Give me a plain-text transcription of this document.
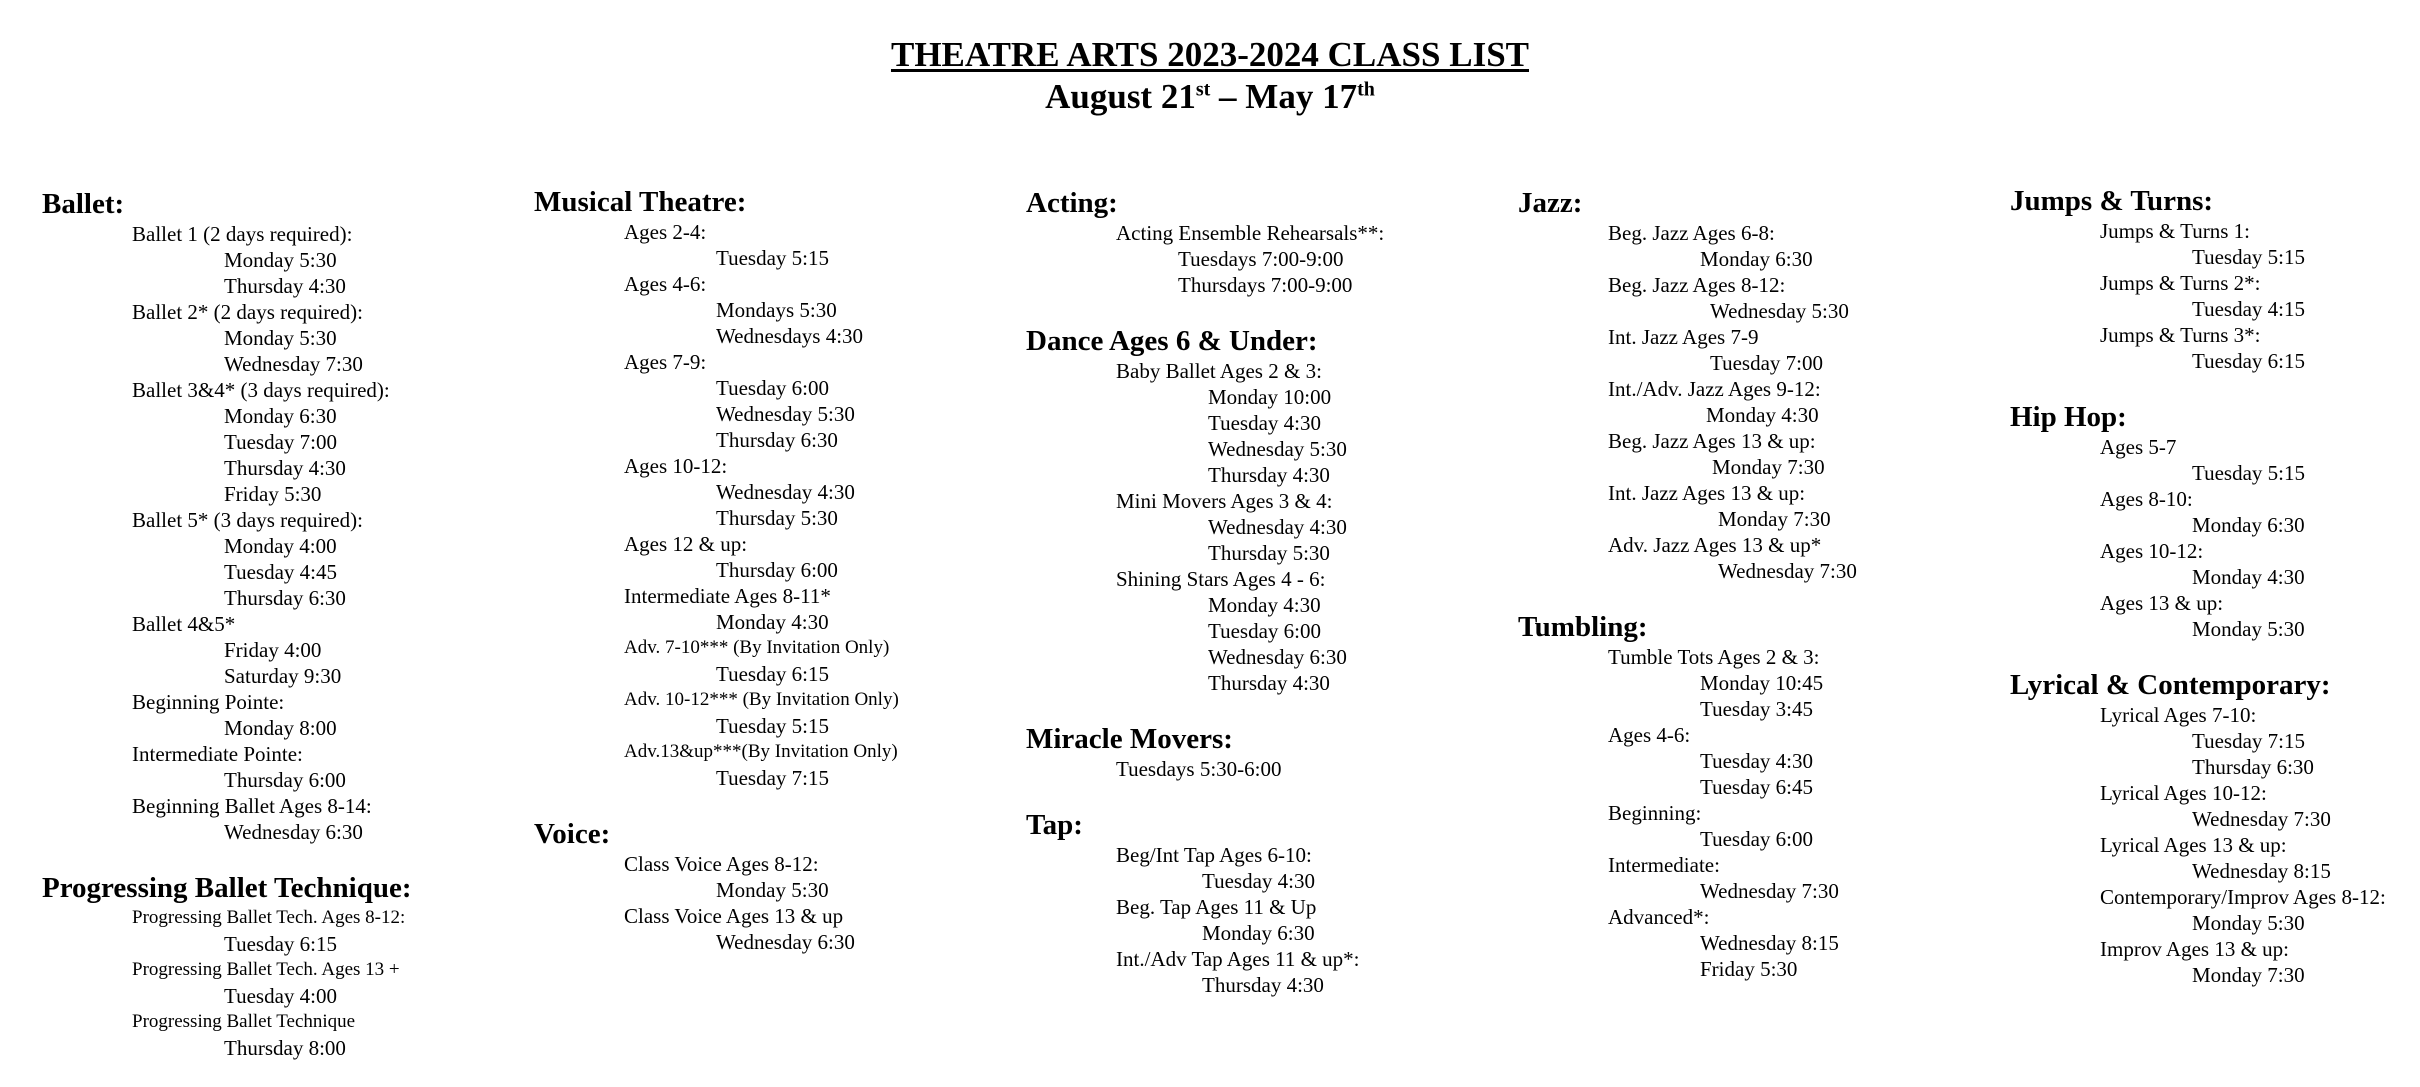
THEATRE ARTS 2023-2024 CLASS LIST
August 21st – May 17th
Ballet:
Ballet 1 (2 days required):
Monday 5:30
Thursday 4:30
Ballet 2* (2 days required):
Monday 5:30
Wednesday 7:30
Ballet 3&4* (3 days required):
Monday 6:30
Tuesday 7:00
Thursday 4:30
Friday 5:30
Ballet 5* (3 days required):
Monday 4:00
Tuesday 4:45
Thursday 6:30
Ballet 4&5*
Friday 4:00
Saturday 9:30
Beginning Pointe:
Monday 8:00
Intermediate Pointe:
Thursday 6:00
Beginning Ballet Ages 8-14:
Wednesday 6:30
Progressing Ballet Technique:
Progressing Ballet Tech. Ages 8-12:
Tuesday 6:15
Progressing Ballet Tech. Ages 13 +
Tuesday 4:00
Progressing Ballet Technique
Thursday 8:00
Musical Theatre:
Ages 2-4:
Tuesday 5:15
Ages 4-6:
Mondays 5:30
Wednesdays 4:30
Ages 7-9:
Tuesday 6:00
Wednesday 5:30
Thursday 6:30
Ages 10-12:
Wednesday 4:30
Thursday 5:30
Ages 12 & up:
Thursday 6:00
Intermediate Ages 8-11*
Monday 4:30
Adv. 7-10*** (By Invitation Only)
Tuesday 6:15
Adv. 10-12*** (By Invitation Only)
Tuesday 5:15
Adv.13&up***(By Invitation Only)
Tuesday 7:15
Voice:
Class Voice Ages 8-12:
Monday 5:30
Class Voice Ages 13 & up
Wednesday 6:30
Acting:
Acting Ensemble Rehearsals**:
Tuesdays 7:00-9:00
Thursdays 7:00-9:00
Dance Ages 6 & Under:
Baby Ballet Ages 2 & 3:
Monday 10:00
Tuesday 4:30
Wednesday 5:30
Thursday 4:30
Mini Movers Ages 3 & 4:
Wednesday 4:30
Thursday 5:30
Shining Stars Ages 4 - 6:
Monday 4:30
Tuesday 6:00
Wednesday 6:30
Thursday 4:30
Miracle Movers:
Tuesdays 5:30-6:00
Tap:
Beg/Int Tap Ages 6-10:
Tuesday 4:30
Beg. Tap Ages 11 & Up
Monday 6:30
Int./Adv Tap Ages 11 & up*:
Thursday 4:30
Jazz:
Beg. Jazz Ages 6-8:
Monday 6:30
Beg. Jazz Ages 8-12:
Wednesday 5:30
Int. Jazz Ages 7-9
Tuesday 7:00
Int./Adv. Jazz Ages 9-12:
Monday 4:30
Beg. Jazz Ages 13 & up:
Monday 7:30
Int. Jazz Ages 13 & up:
Monday 7:30
Adv. Jazz Ages 13 & up*
Wednesday 7:30
Tumbling:
Tumble Tots Ages 2 & 3:
Monday 10:45
Tuesday 3:45
Ages 4-6:
Tuesday 4:30
Tuesday 6:45
Beginning:
Tuesday 6:00
Intermediate:
Wednesday 7:30
Advanced*:
Wednesday 8:15
Friday 5:30
Jumps & Turns:
Jumps & Turns 1:
Tuesday 5:15
Jumps & Turns 2*:
Tuesday 4:15
Jumps & Turns 3*:
Tuesday 6:15
Hip Hop:
Ages 5-7
Tuesday 5:15
Ages 8-10:
Monday 6:30
Ages 10-12:
Monday 4:30
Ages 13 & up:
Monday 5:30
Lyrical & Contemporary:
Lyrical Ages 7-10:
Tuesday 7:15
Thursday 6:30
Lyrical Ages 10-12:
Wednesday 7:30
Lyrical Ages 13 & up:
Wednesday 8:15
Contemporary/Improv Ages 8-12:
Monday 5:30
Improv Ages 13 & up:
Monday 7:30
